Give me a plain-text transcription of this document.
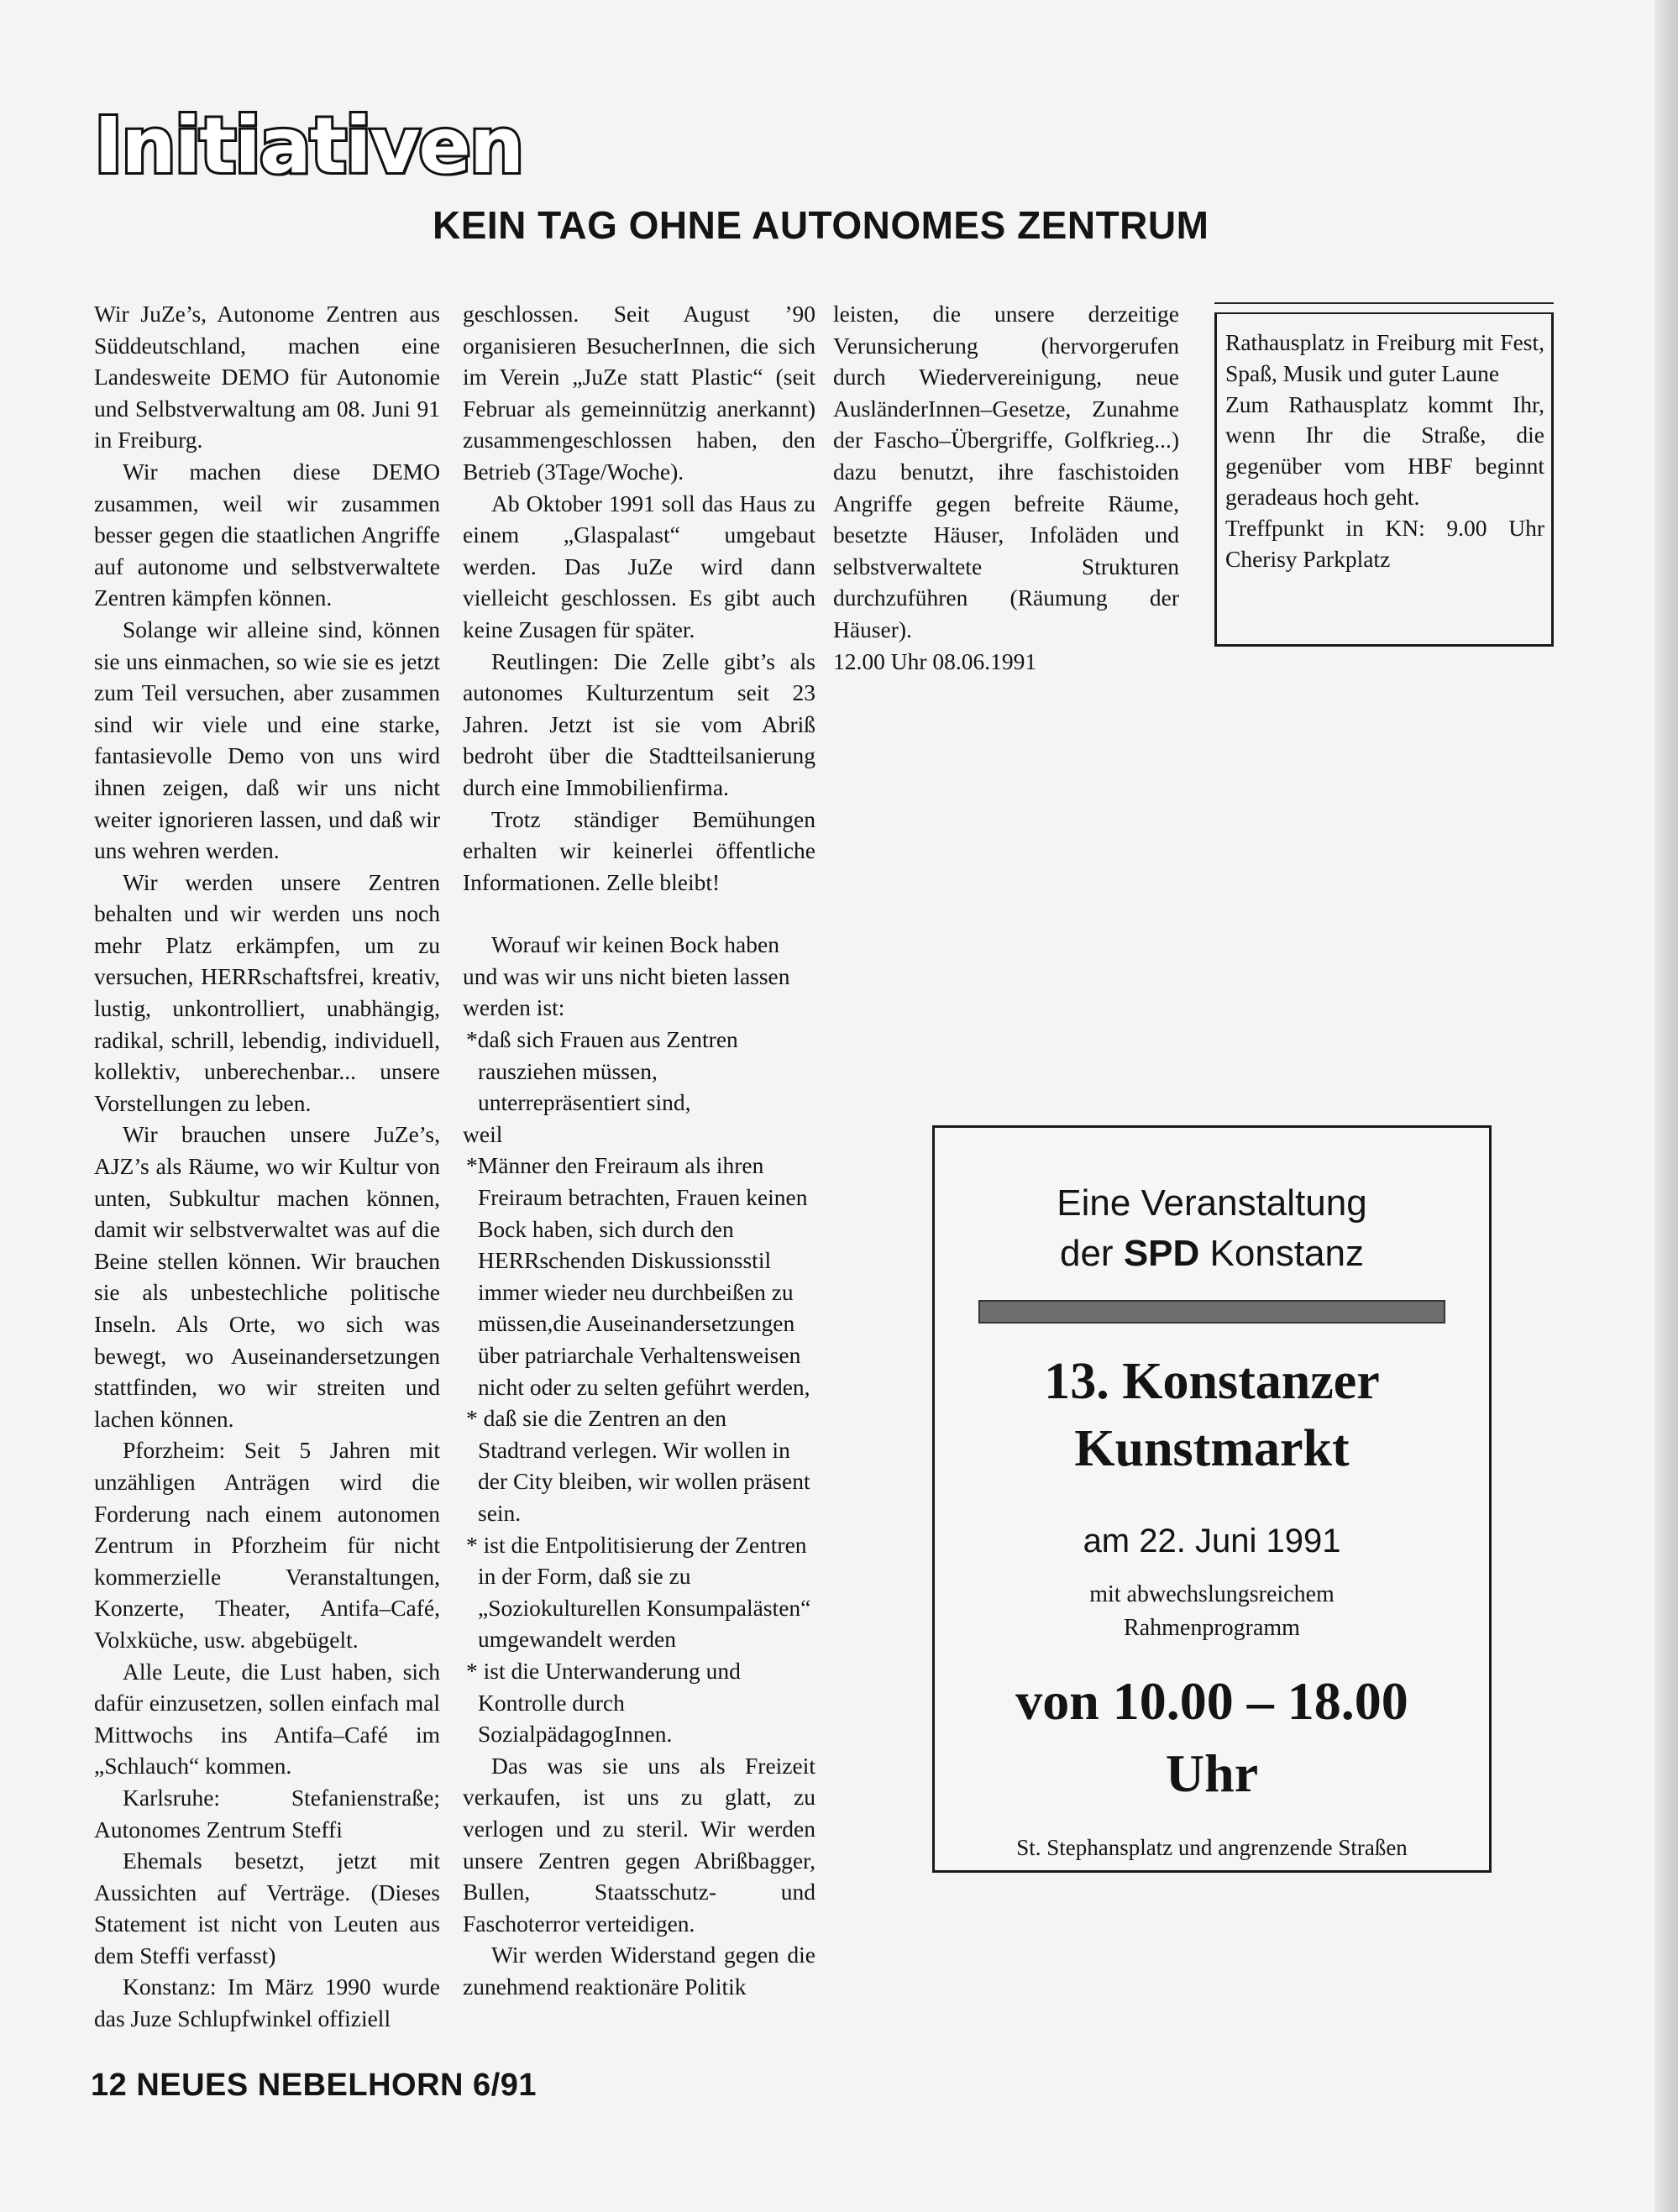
Initiativen
KEIN TAG OHNE AUTONOMES ZENTRUM

Wir JuZe’s, Autonome Zentren aus Süddeutschland, machen eine Landesweite DEMO für Autonomie und Selbstverwaltung am 08. Juni 91 in Freiburg.

Wir machen diese DEMO zusammen, weil wir zusammen besser gegen die staatlichen Angriffe auf autonome und selbstverwaltete Zentren kämpfen können.

Solange wir alleine sind, können sie uns einmachen, so wie sie es jetzt zum Teil versuchen, aber zusammen sind wir viele und eine starke, fantasievolle Demo von uns wird ihnen zeigen, daß wir uns nicht weiter ignorieren lassen, und daß wir uns wehren werden.

Wir werden unsere Zentren behalten und wir werden uns noch mehr Platz erkämpfen, um zu versuchen, HERRschaftsfrei, kreativ, lustig, unkontrolliert, unabhängig, radikal, schrill, lebendig, individuell, kollektiv, unberechenbar... unsere Vorstellungen zu leben.

Wir brauchen unsere JuZe’s, AJZ’s als Räume, wo wir Kultur von unten, Subkultur machen können, damit wir selbstverwaltet was auf die Beine stellen können. Wir brauchen sie als unbestechliche politische Inseln. Als Orte, wo sich was bewegt, wo Auseinandersetzungen stattfinden, wo wir streiten und lachen können.

Pforzheim: Seit 5 Jahren mit unzähligen Anträgen wird die Forderung nach einem autonomen Zentrum in Pforzheim für nicht kommerzielle Veranstaltungen, Konzerte, Theater, Antifa–Café, Volxküche, usw. abgebügelt.

Alle Leute, die Lust haben, sich dafür einzusetzen, sollen einfach mal Mittwochs ins Antifa–Café im „Schlauch“ kommen.

Karlsruhe: Stefanienstraße; Autonomes Zentrum Steffi

Ehemals besetzt, jetzt mit Aussichten auf Verträge. (Dieses Statement ist nicht von Leuten aus dem Steffi verfasst)

Konstanz: Im März 1990 wurde das Juze Schlupfwinkel offiziell

geschlossen. Seit August ’90 organisieren BesucherInnen, die sich im Verein „JuZe statt Plastic“ (seit Februar als gemeinnützig anerkannt) zusammengeschlossen haben, den Betrieb (3Tage/Woche).

Ab Oktober 1991 soll das Haus zu einem „Glaspalast“ umgebaut werden. Das JuZe wird dann vielleicht geschlossen. Es gibt auch keine Zusagen für später.

Reutlingen: Die Zelle gibt’s als autonomes Kulturzentum seit 23 Jahren. Jetzt ist sie vom Abriß bedroht über die Stadtteilsanierung durch eine Immobilienfirma.

Trotz ständiger Bemühungen erhalten wir keinerlei öffentliche Informationen. Zelle bleibt!

Worauf wir keinen Bock haben und was wir uns nicht bieten lassen werden ist:

*daß sich Frauen aus Zentren rausziehen müssen, unterrepräsentiert sind,

weil

*Männer den Freiraum als ihren Freiraum betrachten, Frauen keinen Bock haben, sich durch den HERRschenden Diskussionsstil immer wieder neu durchbeißen zu müssen,die Auseinandersetzungen über patriarchale Verhaltensweisen nicht oder zu selten geführt werden,

* daß sie die Zentren an den Stadtrand verlegen. Wir wollen in der City bleiben, wir wollen präsent sein.

* ist die Entpolitisierung der Zentren in der Form, daß sie zu „Soziokulturellen Konsumpalästen“ umgewandelt werden

* ist die Unterwanderung und Kontrolle durch SozialpädagogInnen.

Das was sie uns als Freizeit verkaufen, ist uns zu glatt, zu verlogen und zu steril. Wir werden unsere Zentren gegen Abrißbagger, Bullen, Staatsschutz- und Faschoterror verteidigen.

Wir werden Widerstand gegen die zunehmend reaktionäre Politik

leisten, die unsere derzeitige Verunsicherung (hervorgerufen durch Wiedervereinigung, neue AusländerInnen–Gesetze, Zunahme der Fascho–Übergriffe, Golfkrieg...) dazu benutzt, ihre faschistoiden Angriffe gegen befreite Räume, besetzte Häuser, Infoläden und selbstverwaltete Strukturen durchzuführen (Räumung der Häuser).

12.00 Uhr 08.06.1991

Rathausplatz in Freiburg mit Fest, Spaß, Musik und guter Laune

Zum Rathausplatz kommt Ihr, wenn Ihr die Straße, die gegenüber vom HBF beginnt geradeaus hoch geht.

Treffpunkt in KN: 9.00 Uhr Cherisy Parkplatz

Eine Veranstaltung

der SPD Konstanz

13. Konstanzer
Kunstmarkt

am 22. Juni 1991

mit abwechslungsreichem
Rahmenprogramm

von 10.00 – 18.00
Uhr

St. Stephansplatz und angrenzende Straßen

12 NEUES NEBELHORN 6/91
